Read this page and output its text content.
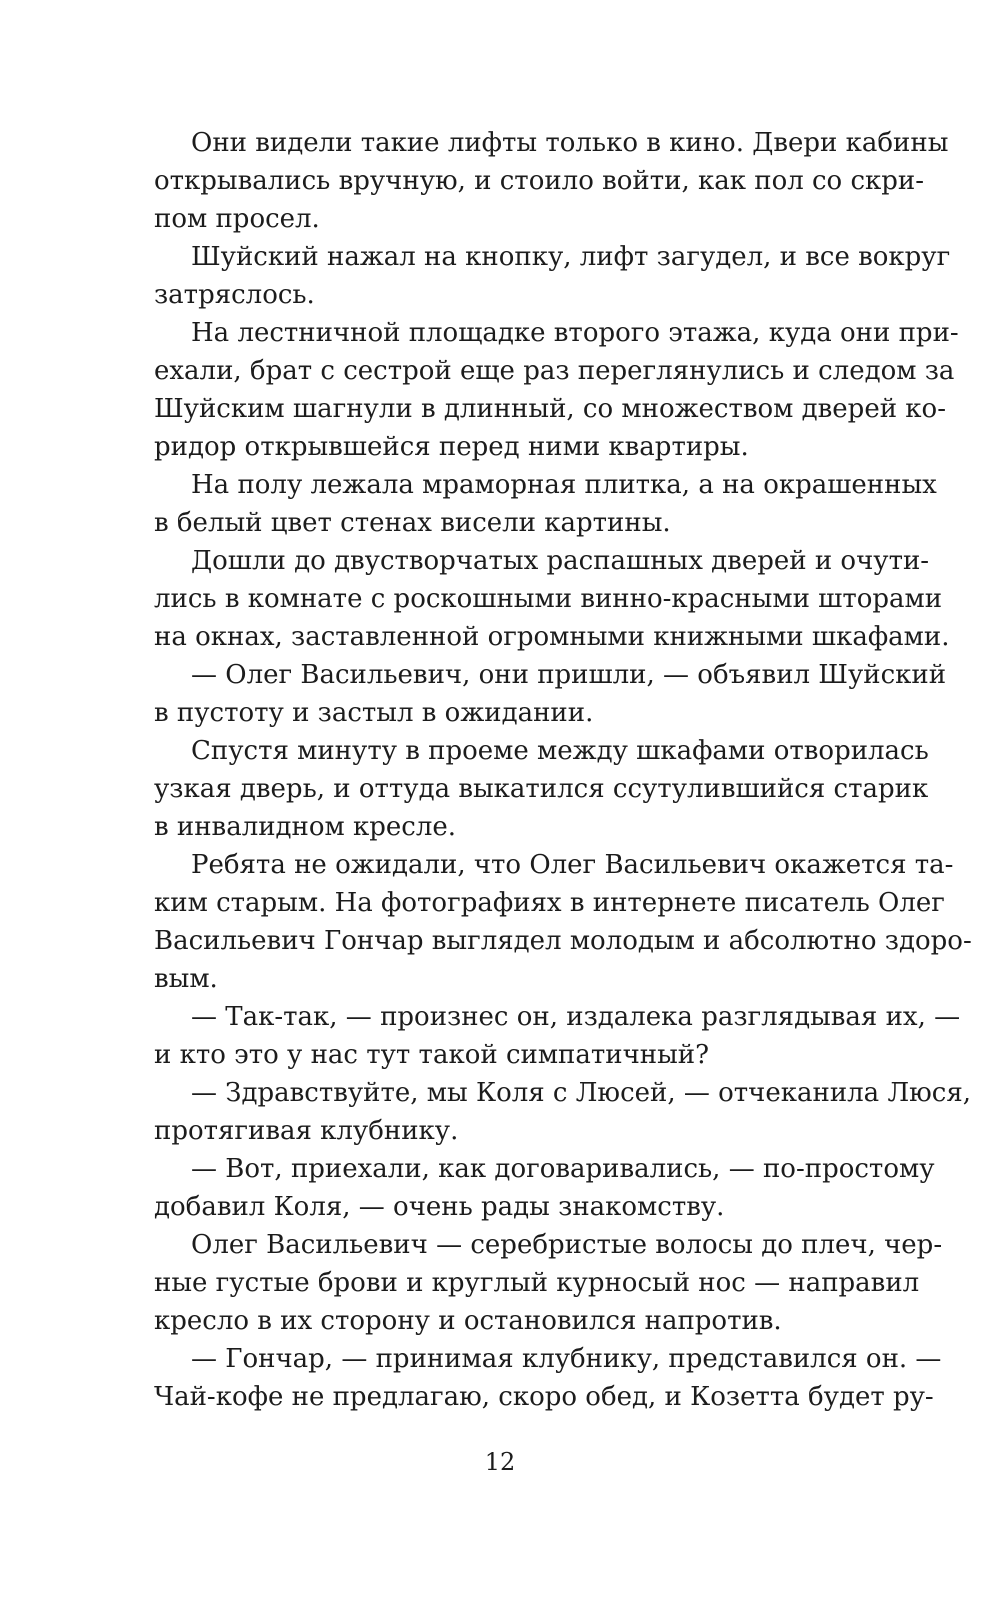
Они видели такие лифты только в кино. Двери кабины
открывались вручную, и стоило войти, как пол со скри-
пом просел.
Шуйский нажал на кнопку, лифт загудел, и все вокруг
затряслось.
На лестничной площадке второго этажа, куда они при-
ехали, брат с сестрой еще раз переглянулись и следом за
Шуйским шагнули в длинный, со множеством дверей ко-
ридор открывшейся перед ними квартиры.
На полу лежала мраморная плитка, а на окрашенных
в белый цвет стенах висели картины.
Дошли до двустворчатых распашных дверей и очути-
лись в комнате с роскошными винно-красными шторами
на окнах, заставленной огромными книжными шкафами.
— Олег Васильевич, они пришли, — объявил Шуйский
в пустоту и застыл в ожидании.
Спустя минуту в проеме между шкафами отворилась
узкая дверь, и оттуда выкатился ссутулившийся старик
в инвалидном кресле.
Ребята не ожидали, что Олег Васильевич окажется та-
ким старым. На фотографиях в интернете писатель Олег
Васильевич Гончар выглядел молодым и абсолютно здоро-
вым.
— Так-так, — произнес он, издалека разглядывая их, —
и кто это у нас тут такой симпатичный?
— Здравствуйте, мы Коля с Люсей, — отчеканила Люся,
протягивая клубнику.
— Вот, приехали, как договаривались, — по-простому
добавил Коля, — очень рады знакомству.
Олег Васильевич — серебристые волосы до плеч, чер-
ные густые брови и круглый курносый нос — направил
кресло в их сторону и остановился напротив.
— Гончар, — принимая клубнику, представился он. —
Чай-кофе не предлагаю, скоро обед, и Козетта будет ру-
12
